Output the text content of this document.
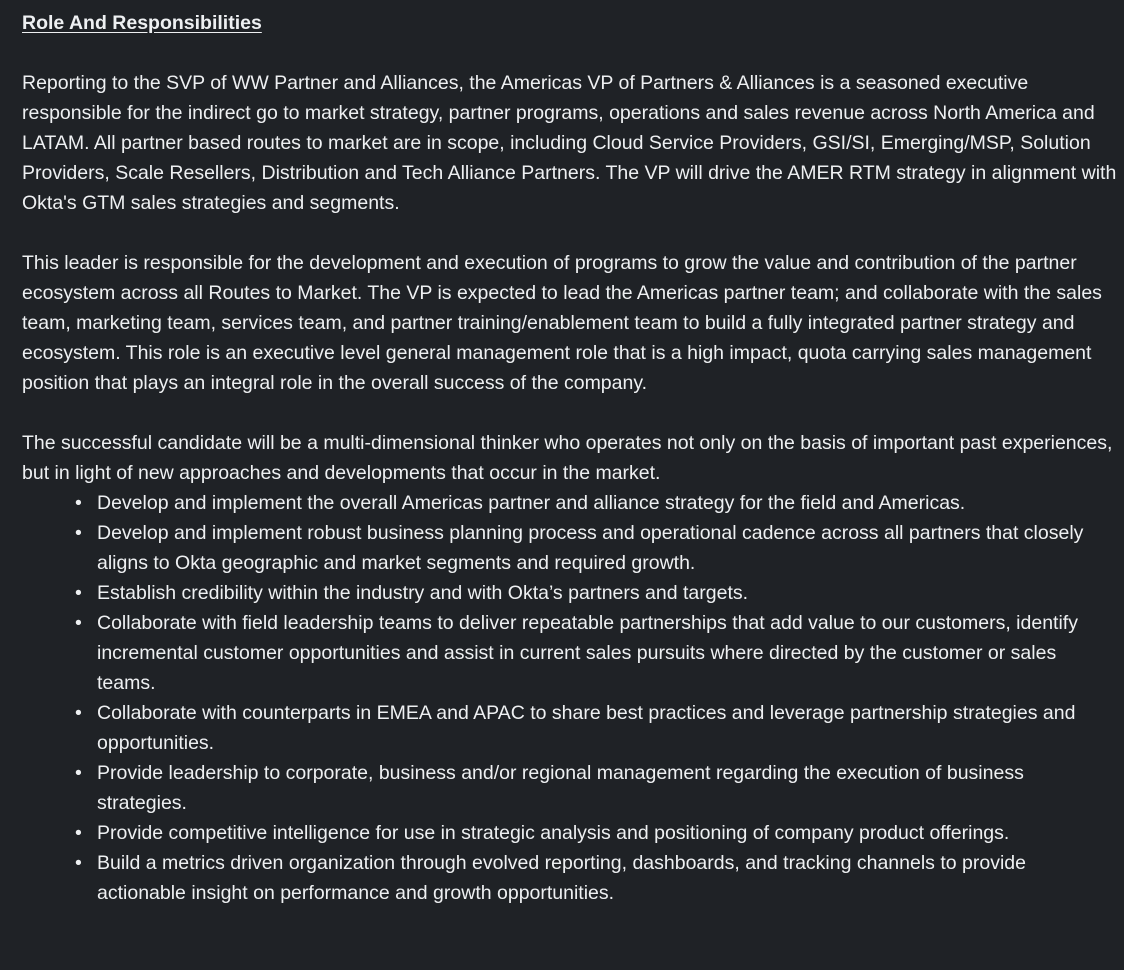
Role And Responsibilities

Reporting to the SVP of WW Partner and Alliances, the Americas VP of Partners & Alliances is a seasoned executive responsible for the indirect go to market strategy, partner programs, operations and sales revenue across North America and LATAM. All partner based routes to market are in scope, including Cloud Service Providers, GSI/SI, Emerging/MSP, Solution Providers, Scale Resellers, Distribution and Tech Alliance Partners. The VP will drive the AMER RTM strategy in alignment with Okta's GTM sales strategies and segments.

This leader is responsible for the development and execution of programs to grow the value and contribution of the partner ecosystem across all Routes to Market. The VP is expected to lead the Americas partner team; and collaborate with the sales team, marketing team, services team, and partner training/enablement team to build a fully integrated partner strategy and ecosystem. This role is an executive level general management role that is a high impact, quota carrying sales management position that plays an integral role in the overall success of the company.

The successful candidate will be a multi-dimensional thinker who operates not only on the basis of important past experiences, but in light of new approaches and developments that occur in the market.

• Develop and implement the overall Americas partner and alliance strategy for the field and Americas.
• Develop and implement robust business planning process and operational cadence across all partners that closely aligns to Okta geographic and market segments and required growth.
• Establish credibility within the industry and with Okta’s partners and targets.
• Collaborate with field leadership teams to deliver repeatable partnerships that add value to our customers, identify incremental customer opportunities and assist in current sales pursuits where directed by the customer or sales teams.
• Collaborate with counterparts in EMEA and APAC to share best practices and leverage partnership strategies and opportunities.
• Provide leadership to corporate, business and/or regional management regarding the execution of business strategies.
• Provide competitive intelligence for use in strategic analysis and positioning of company product offerings.
• Build a metrics driven organization through evolved reporting, dashboards, and tracking channels to provide actionable insight on performance and growth opportunities.
